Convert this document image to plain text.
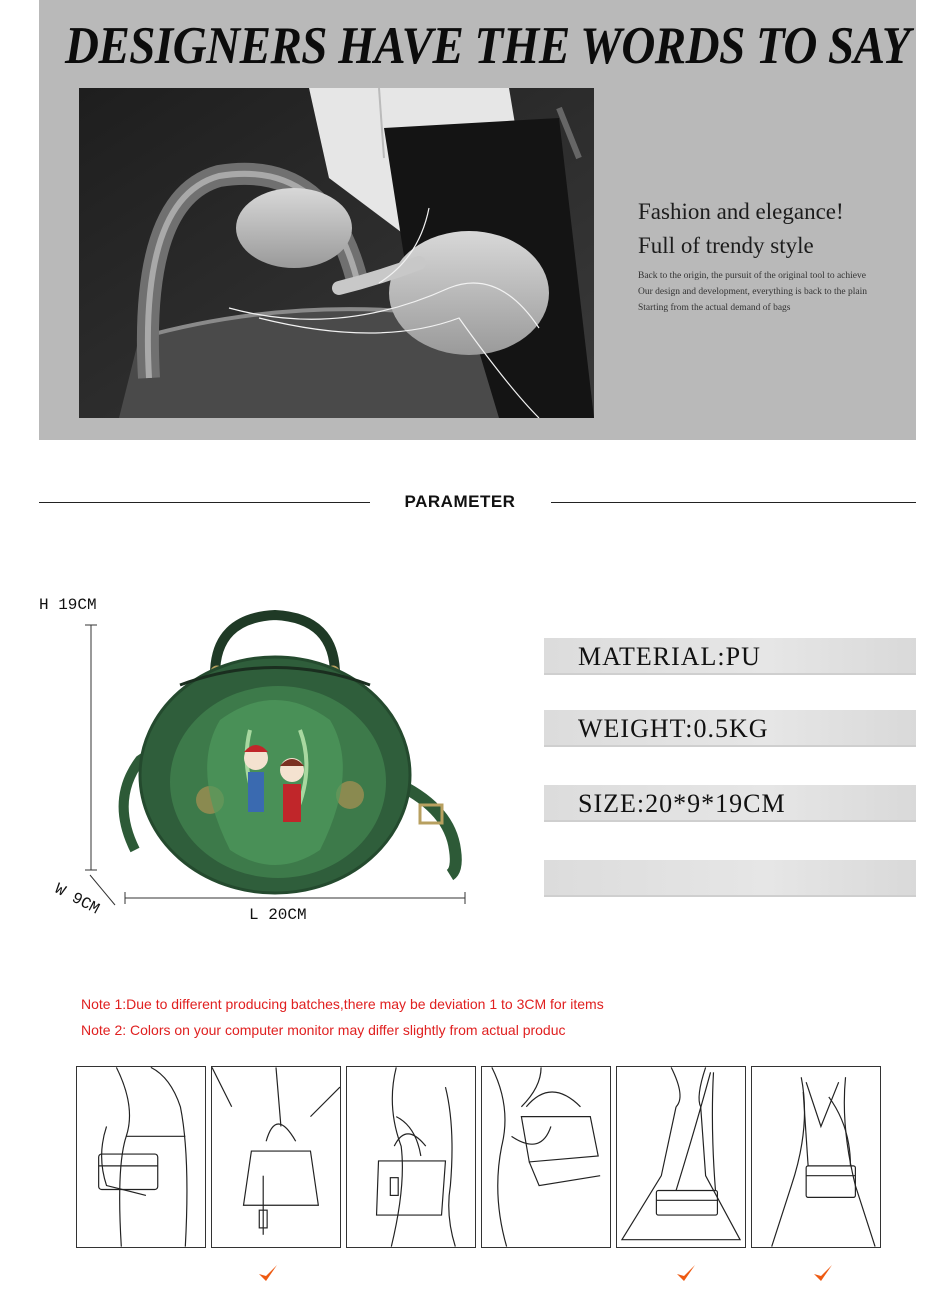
DESIGNERS HAVE THE WORDS TO SAY
Fashion and elegance!
Full of trendy style
Back to the origin, the pursuit of the original tool to achieve
Our design and development, everything is back to the plain
Starting from the actual demand of bags
PARAMETER
H 19CM
W 9CM	L 20CM
MATERIAL:PU
WEIGHT:0.5KG
SIZE:20*9*19CM
Note 1:Due to different producing batches,there may be deviation 1 to 3CM for items
Note 2: Colors on your computer monitor may differ slightly from actual produc
